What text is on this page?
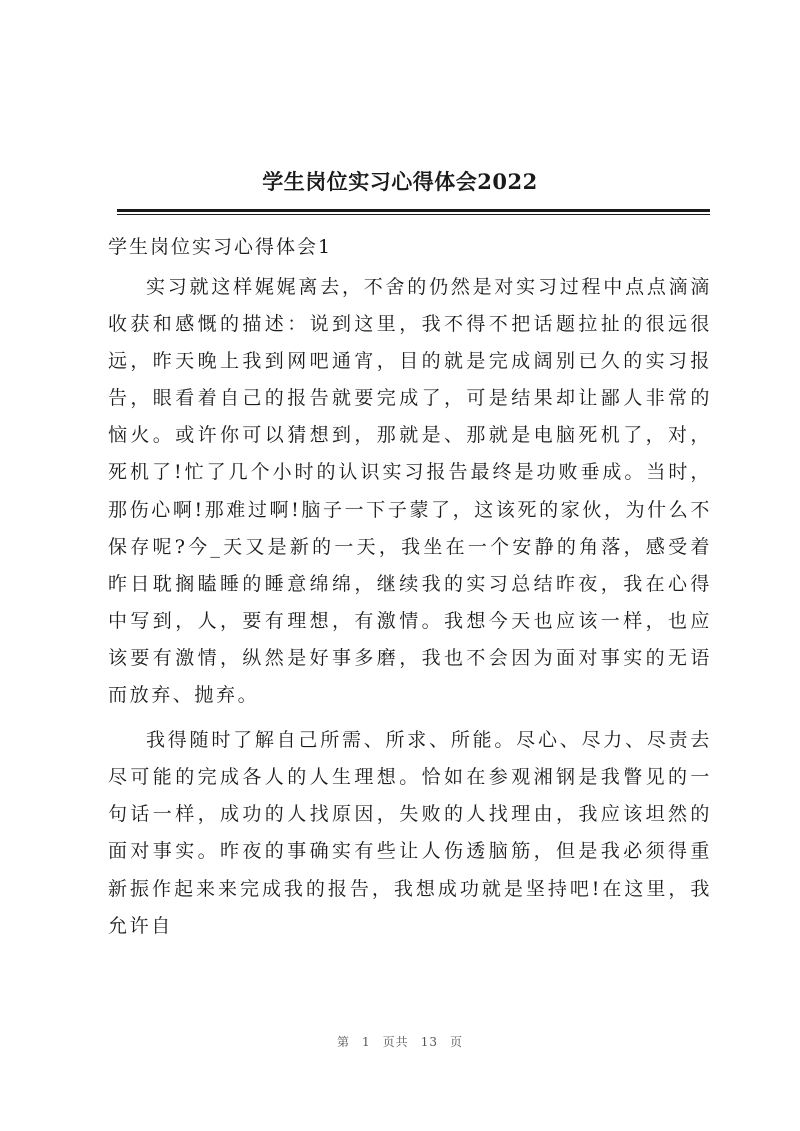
学生岗位实习心得体会2022
学生岗位实习心得体会1

实习就这样娓娓离去，不舍的仍然是对实习过程中点点滴滴收获和感慨的描述：说到这里，我不得不把话题拉扯的很远很远，昨天晚上我到网吧通宵，目的就是完成阔别已久的实习报告，眼看着自己的报告就要完成了，可是结果却让鄙人非常的恼火。或许你可以猜想到，那就是、那就是电脑死机了，对，死机了!忙了几个小时的认识实习报告最终是功败垂成。当时，那伤心啊!那难过啊!脑子一下子蒙了，这该死的家伙，为什么不保存呢?今_天又是新的一天，我坐在一个安静的角落，感受着昨日耽搁瞌睡的睡意绵绵，继续我的实习总结昨夜，我在心得中写到，人，要有理想，有激情。我想今天也应该一样，也应该要有激情，纵然是好事多磨，我也不会因为面对事实的无语而放弃、抛弃。

我得随时了解自己所需、所求、所能。尽心、尽力、尽责去尽可能的完成各人的人生理想。恰如在参观湘钢是我瞥见的一句话一样，成功的人找原因，失败的人找理由，我应该坦然的面对事实。昨夜的事确实有些让人伤透脑筋，但是我必须得重新振作起来来完成我的报告，我想成功就是坚持吧!在这里，我允许自

第 1 页共 13 页
